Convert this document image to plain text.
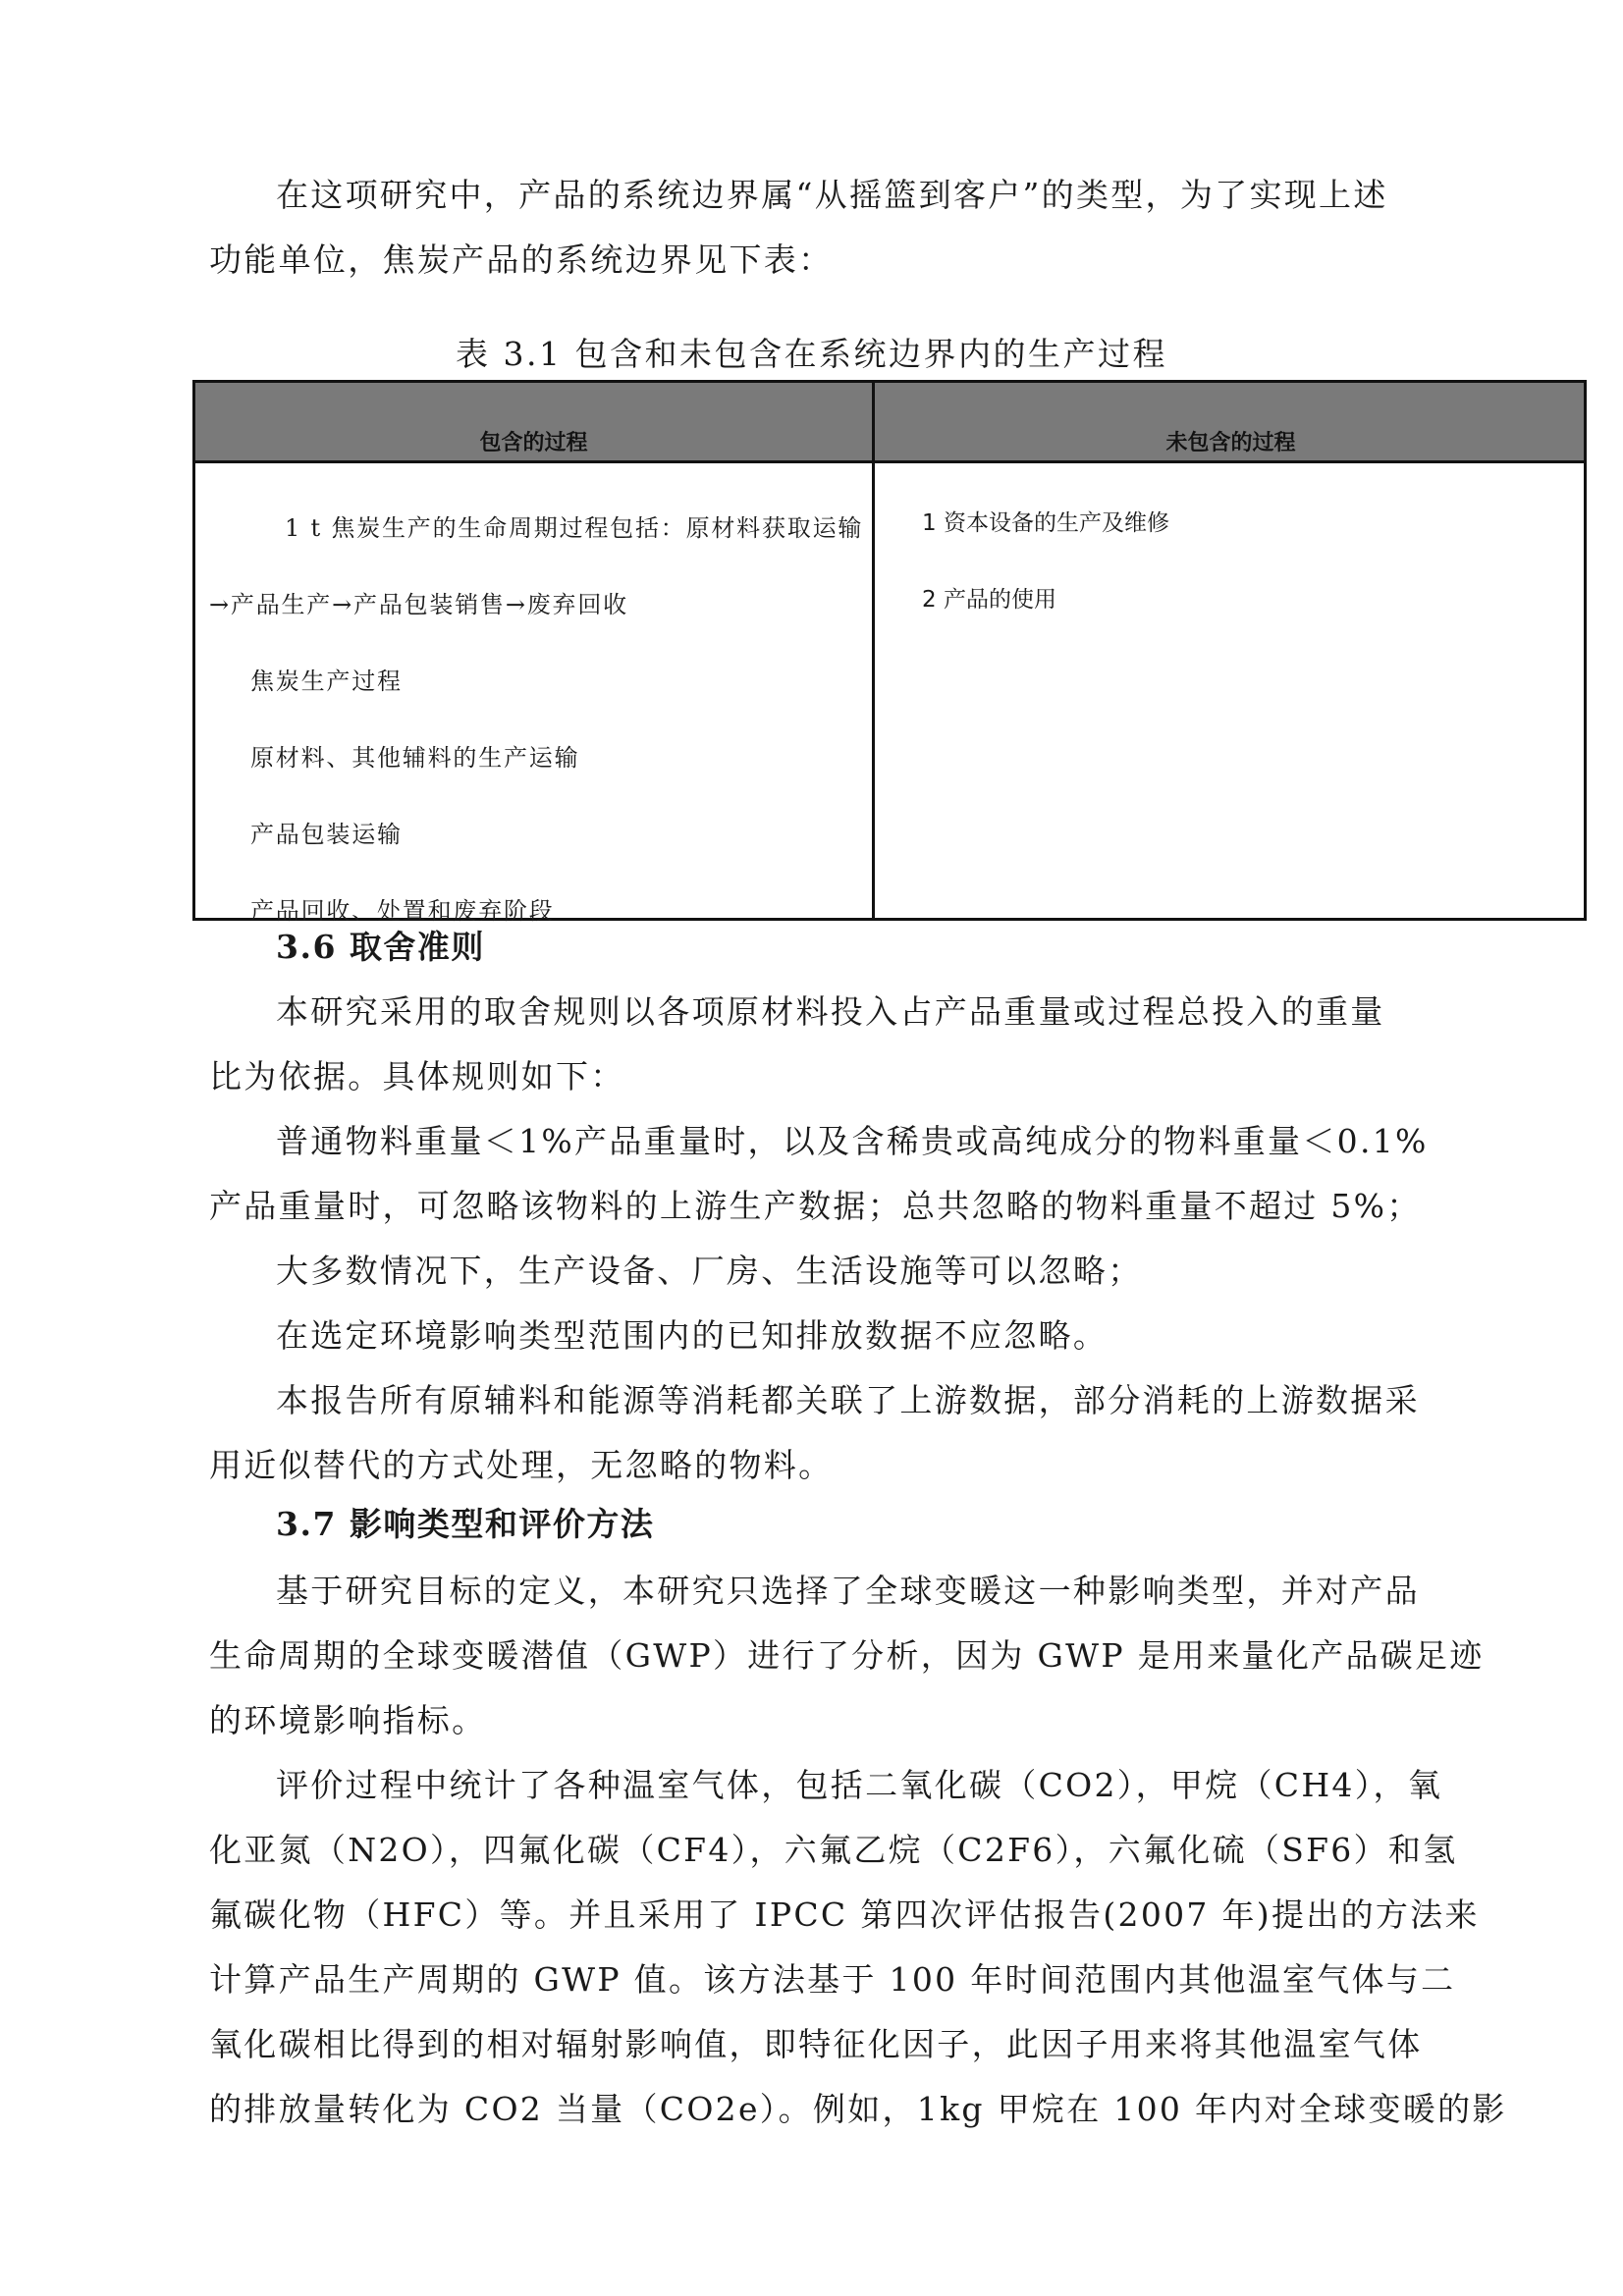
在这项研究中，产品的系统边界属“从摇篮到客户”的类型，为了实现上述
功能单位，焦炭产品的系统边界见下表：

表 3.1 包含和未包含在系统边界内的生产过程

包含的过程	未包含的过程

1 t 焦炭生产的生命周期过程包括：原材料获取运输

→产品生产→产品包装销售→废弃回收

焦炭生产过程

原材料、其他辅料的生产运输

产品包装运输

产品回收、处置和废弃阶段

1 资本设备的生产及维修

2 产品的使用

3.6 取舍准则

本研究采用的取舍规则以各项原材料投入占产品重量或过程总投入的重量
比为依据。具体规则如下：

普通物料重量＜1%产品重量时，以及含稀贵或高纯成分的物料重量＜0.1%
产品重量时，可忽略该物料的上游生产数据；总共忽略的物料重量不超过 5%；

大多数情况下，生产设备、厂房、生活设施等可以忽略；

在选定环境影响类型范围内的已知排放数据不应忽略。

本报告所有原辅料和能源等消耗都关联了上游数据，部分消耗的上游数据采
用近似替代的方式处理，无忽略的物料。

3.7 影响类型和评价方法

基于研究目标的定义，本研究只选择了全球变暖这一种影响类型，并对产品
生命周期的全球变暖潜值（GWP）进行了分析，因为 GWP 是用来量化产品碳足迹
的环境影响指标。

评价过程中统计了各种温室气体，包括二氧化碳（CO2），甲烷（CH4），氧
化亚氮（N2O），四氟化碳（CF4），六氟乙烷（C2F6），六氟化硫（SF6）和氢
氟碳化物（HFC）等。并且采用了 IPCC 第四次评估报告(2007 年)提出的方法来
计算产品生产周期的 GWP 值。该方法基于 100 年时间范围内其他温室气体与二
氧化碳相比得到的相对辐射影响值，即特征化因子，此因子用来将其他温室气体
的排放量转化为 CO2 当量（CO2e）。例如，1kg 甲烷在 100 年内对全球变暖的影
